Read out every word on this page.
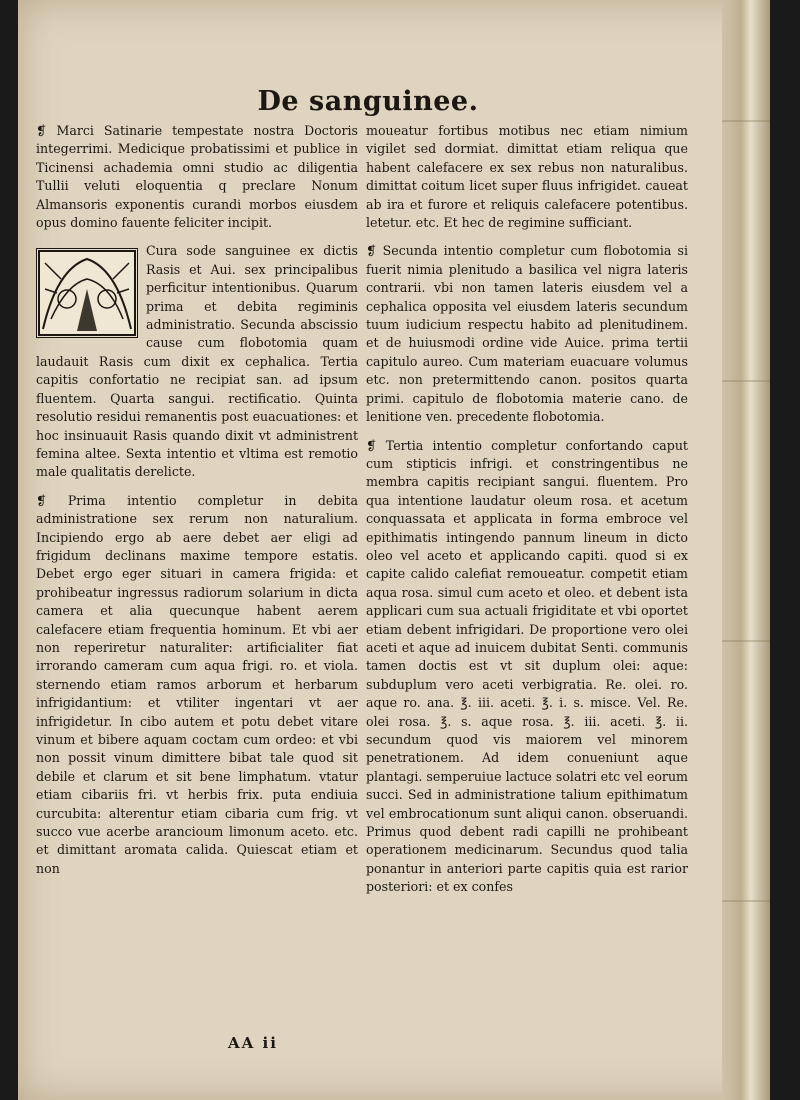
De sanguinee.

❡ Marci Satinarie tempestate nostra Doctoris integerrimi. Medicique probatissimi et publice in Ticinensi achademia omni studio ac diligentia Tullii veluti eloquentia q preclare Nonum Almansoris exponentis curandi morbos eiusdem opus domino fauente feliciter incipit.

Cura sode sanguinee ex dictis Rasis et Aui. sex principalibus perficitur intentionibus. Quarum prima et debita regiminis administratio. Secunda abscissio cause cum flobotomia quam laudauit Rasis cum dixit ex cephalica. Tertia capitis confortatio ne recipiat san. ad ipsum fluentem. Quarta sangui. rectificatio. Quinta resolutio residui remanentis post euacuationes: et hoc insinuauit Rasis quando dixit vt administrent femina altee. Sexta intentio et vltima est remotio male qualitatis derelicte.

❡ Prima intentio completur in debita administratione sex rerum non naturalium. Incipiendo ergo ab aere debet aer eligi ad frigidum declinans maxime tempore estatis. Debet ergo eger situari in camera frigida: et prohibeatur ingressus radiorum solarium in dicta camera et alia quecunque habent aerem calefacere etiam frequentia hominum. Et vbi aer non reperiretur naturaliter: artificialiter fiat irrorando cameram cum aqua frigi. ro. et viola. sternendo etiam ramos arborum et herbarum infrigidantium: et vtiliter ingentari vt aer infrigidetur. In cibo autem et potu debet vitare vinum et bibere aquam coctam cum ordeo: et vbi non possit vinum dimittere bibat tale quod sit debile et clarum et sit bene limphatum. vtatur etiam cibariis fri. vt herbis frix. puta endiuia curcubita: alterentur etiam cibaria cum frig. vt succo vue acerbe arancioum limonum aceto. etc. et dimittant aromata calida. Quiescat etiam et non

moueatur fortibus motibus nec etiam nimium vigilet sed dormiat. dimittat etiam reliqua que habent calefacere ex sex rebus non naturalibus. dimittat coitum licet super fluus infrigidet. caueat ab ira et furore et reliquis calefacere potentibus. letetur. etc. Et hec de regimine sufficiant.

❡ Secunda intentio completur cum flobotomia si fuerit nimia plenitudo a basilica vel nigra lateris contrarii. vbi non tamen lateris eiusdem vel a cephalica opposita vel eiusdem lateris secundum tuum iudicium respectu habito ad plenitudinem. et de huiusmodi ordine vide Auice. prima tertii capitulo aureo. Cum materiam euacuare volumus etc. non pretermittendo canon. positos quarta primi. capitulo de flobotomia materie cano. de lenitione ven. precedente flobotomia.

❡ Tertia intentio completur confortando caput cum stipticis infrigi. et constringentibus ne membra capitis recipiant sangui. fluentem. Pro qua intentione laudatur oleum rosa. et acetum conquassata et applicata in forma embroce vel epithimatis intingendo pannum lineum in dicto oleo vel aceto et applicando capiti. quod si ex capite calido calefiat remoueatur. competit etiam aqua rosa. simul cum aceto et oleo. et debent ista applicari cum sua actuali frigiditate et vbi oportet etiam debent infrigidari. De proportione vero olei aceti et aque ad inuicem dubitat Senti. communis tamen doctis est vt sit duplum olei: aque: subduplum vero aceti verbigratia. Re. olei. ro. aque ro. ana. ℥. iii. aceti. ℥. i. s. misce. Vel. Re. olei rosa. ℥. s. aque rosa. ℥. iii. aceti. ℥. ii. secundum quod vis maiorem vel minorem penetrationem. Ad idem conueniunt aque plantagi. semperuiue lactuce solatri etc vel eorum succi. Sed in administratione talium epithimatum vel embrocationum sunt aliqui canon. obseruandi. Primus quod debent radi capilli ne prohibeant operationem medicinarum. Secundus quod talia ponantur in anteriori parte capitis quia est rarior posteriori: et ex confes

AA ii
